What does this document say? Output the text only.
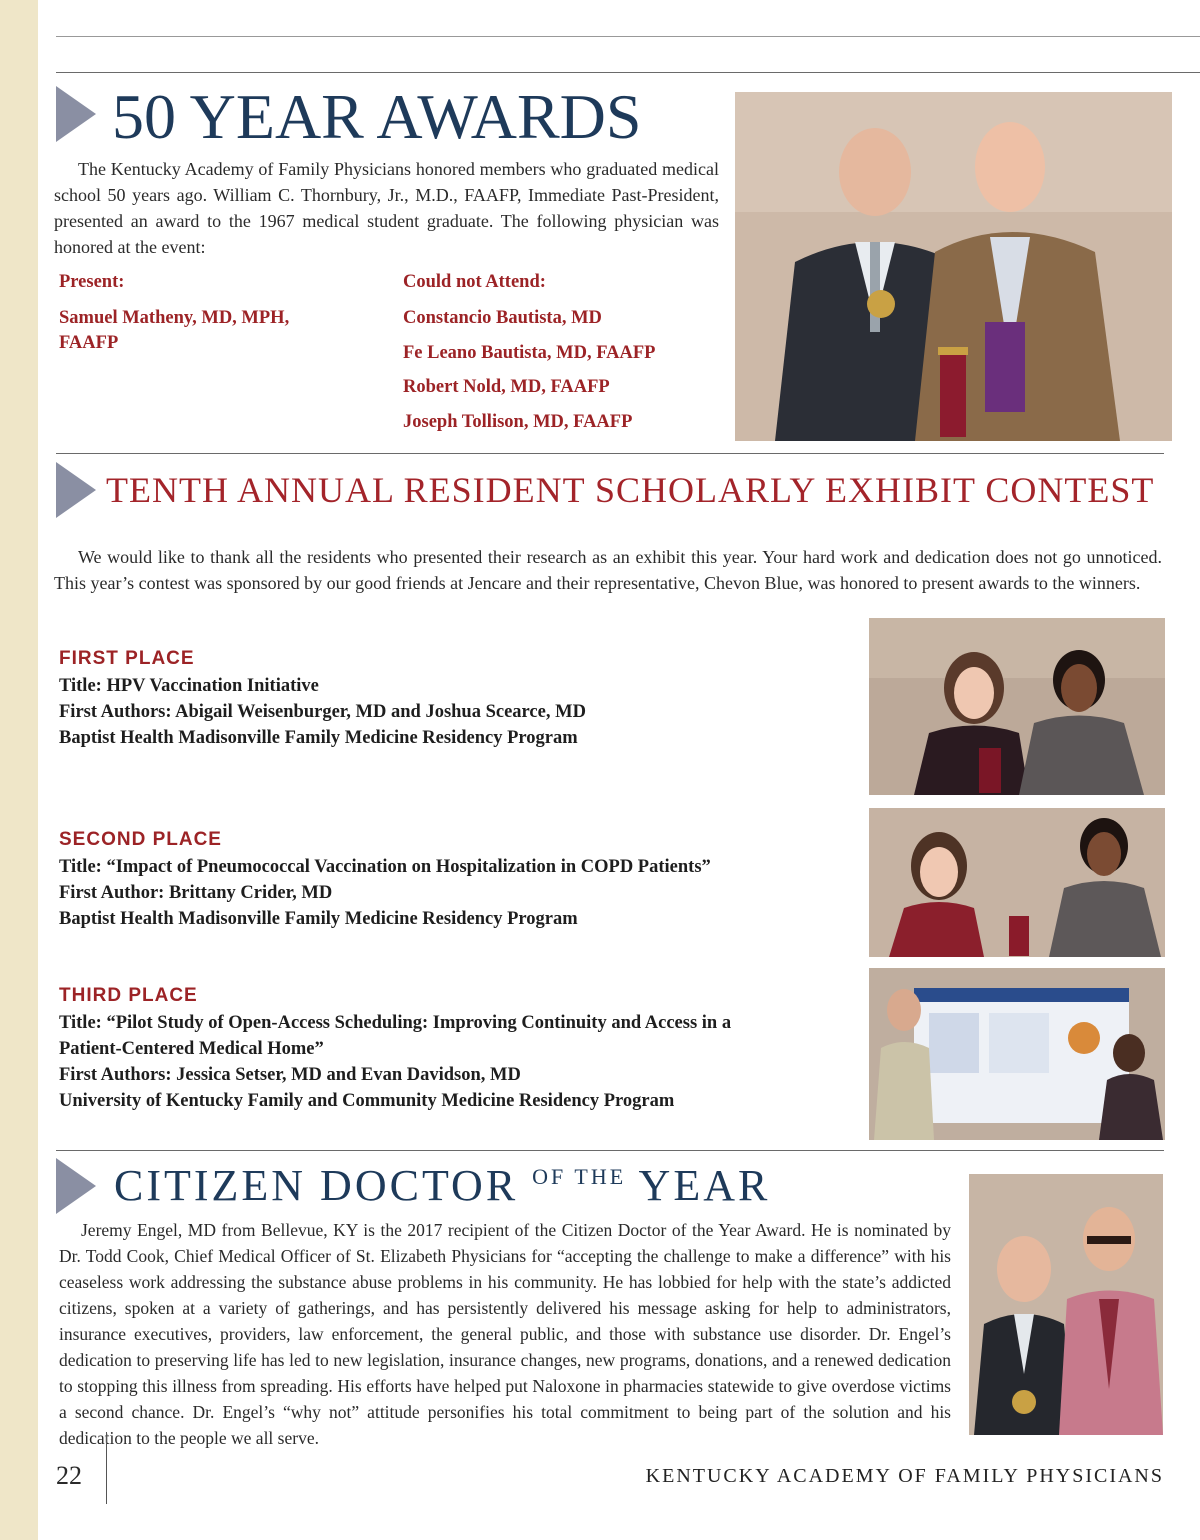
50 YEAR AWARDS

The Kentucky Academy of Family Physicians honored members who graduated medical school 50 years ago. William C. Thornbury, Jr., M.D., FAAFP, Immediate Past-President, presented an award to the 1967 medical student graduate. The following physician was honored at the event:

Present:

Samuel Matheny, MD, MPH,

FAAFP

Could not Attend:

Constancio Bautista, MD

Fe Leano Bautista, MD, FAAFP

Robert Nold, MD, FAAFP

Joseph Tollison, MD, FAAFP

TENTH ANNUAL RESIDENT SCHOLARLY EXHIBIT CONTEST

We would like to thank all the residents who presented their research as an exhibit this year. Your hard work and dedication does not go unnoticed. This year’s contest was sponsored by our good friends at Jencare and their representative, Chevon Blue, was honored to present awards to the winners.

FIRST PLACE

Title: HPV Vaccination Initiative

First Authors: Abigail Weisenburger, MD and Joshua Scearce, MD

Baptist Health Madisonville Family Medicine Residency Program

SECOND PLACE

Title: “Impact of Pneumococcal Vaccination on Hospitalization in COPD Patients”

First Author: Brittany Crider, MD

Baptist Health Madisonville Family Medicine Residency Program

THIRD PLACE

Title: “Pilot Study of Open-Access Scheduling: Improving Continuity and Access in a

Patient-Centered Medical Home”

First Authors: Jessica Setser, MD and Evan Davidson, MD

University of Kentucky Family and Community Medicine Residency Program

CITIZEN DOCTOR $^{OF THE}$ YEAR

Jeremy Engel, MD from Bellevue, KY is the 2017 recipient of the Citizen Doctor of the Year Award. He is nominated by Dr. Todd Cook, Chief Medical Officer of St. Elizabeth Physicians for “accepting the challenge to make a difference” with his ceaseless work addressing the substance abuse problems in his community. He has lobbied for help with the state’s addicted citizens, spoken at a variety of gatherings, and has persistently delivered his message asking for help to administrators, insurance executives, providers, law enforcement, the general public, and those with substance use disorder. Dr. Engel’s dedication to preserving life has led to new legislation, insurance changes, new programs, donations, and a renewed dedication to stopping this illness from spreading. His efforts have helped put Naloxone in pharmacies statewide to give overdose victims a second chance. Dr. Engel’s “why not” attitude personifies his total commitment to being part of the solution and his dedication to the people we all serve.

22	KENTUCKY ACADEMY OF FAMILY PHYSICIANS
